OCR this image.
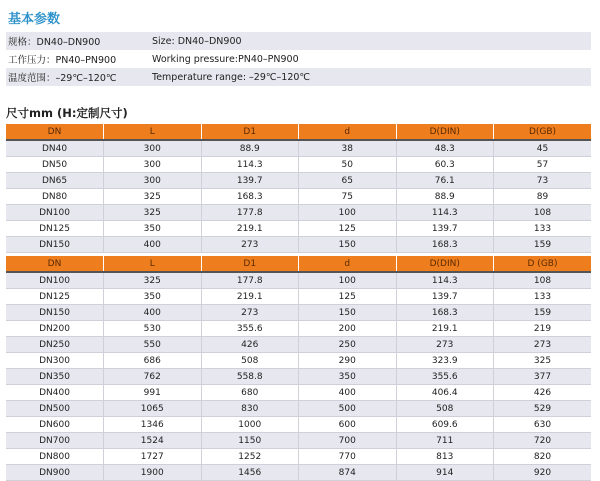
基本参数
规格：DN40–DN900	Size: DN40–DN900
工作压力：PN40–PN900	Working pressure:PN40–PN900
温度范围：–29℃–120℃	Temperature range: –29℃–120℃
尺寸mm (H:定制尺寸)
DN	L	D1	d	D(DIN)	D(GB)
DN40	300	88.9	38	48.3	45
DN50	300	114.3	50	60.3	57
DN65	300	139.7	65	76.1	73
DN80	325	168.3	75	88.9	89
DN100	325	177.8	100	114.3	108
DN125	350	219.1	125	139.7	133
DN150	400	273	150	168.3	159
DN	L	D1	d	D(DIN)	D (GB)
DN100	325	177.8	100	114.3	108
DN125	350	219.1	125	139.7	133
DN150	400	273	150	168.3	159
DN200	530	355.6	200	219.1	219
DN250	550	426	250	273	273
DN300	686	508	290	323.9	325
DN350	762	558.8	350	355.6	377
DN400	991	680	400	406.4	426
DN500	1065	830	500	508	529
DN600	1346	1000	600	609.6	630
DN700	1524	1150	700	711	720
DN800	1727	1252	770	813	820
DN900	1900	1456	874	914	920
